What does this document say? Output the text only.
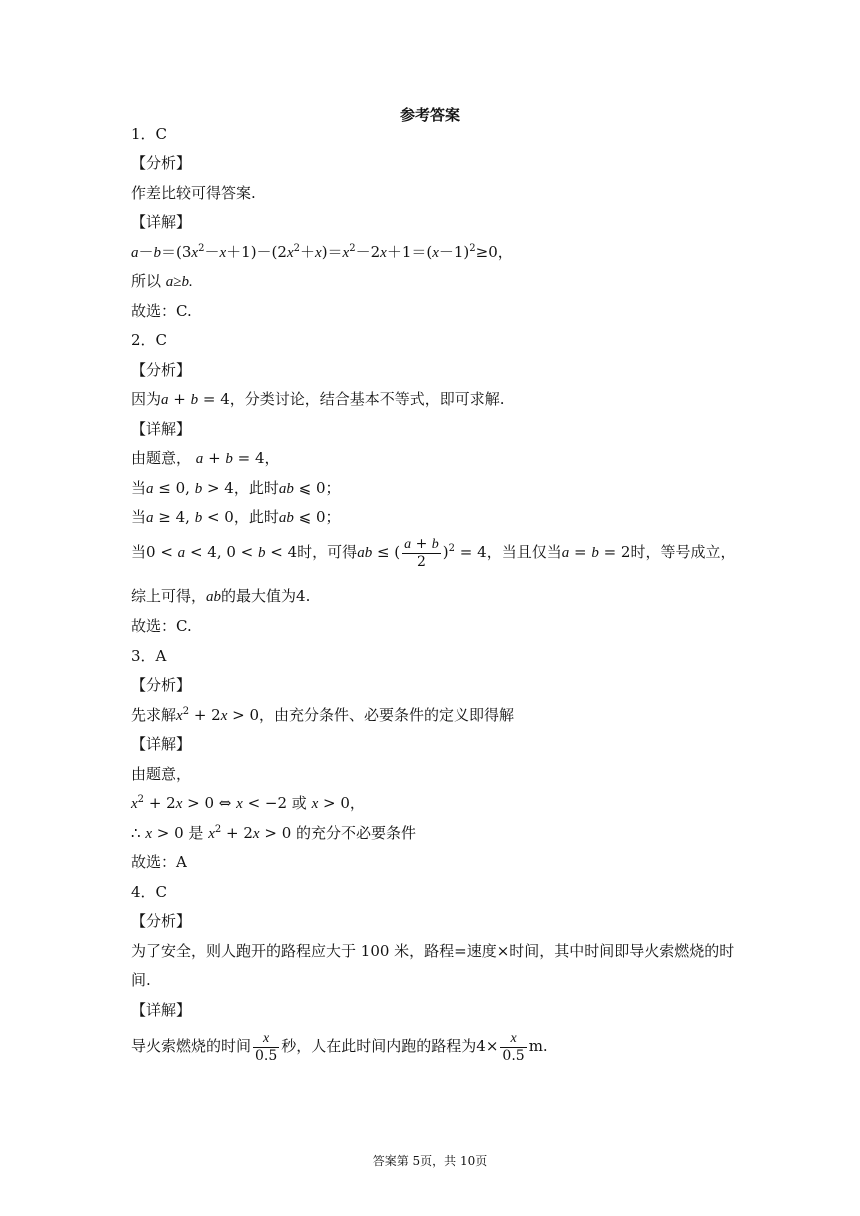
参考答案
1．C
【分析】
作差比较可得答案.
【详解】
$a-b=(3x^2-x+1)-(2x^2+x)=x^2-2x+1=(x-1)^2\ge 0$，
所以 a≥b.
故选：C.
2．C
【分析】
因为a + b = 4，分类讨论，结合基本不等式，即可求解.
【详解】
由题意， a + b = 4，
当a ≤ 0, b > 4，此时ab ⩽ 0；
当a ≥ 4, b < 0，此时ab ⩽ 0；
当0 < a < 4, 0 < b < 4时，可得ab ≤ ( $\frac{a + b}{2} )^2 = 4$，当且仅当a = b = 2时，等号成立，
综上可得，ab的最大值为4.
故选：C.
3．A
【分析】
先求解$x^2 + 2x > 0$，由充分条件、必要条件的定义即得解
【详解】
由题意，
$x^2 + 2x > 0$ ⇔ x < −2 或 x > 0，
∴ x > 0 是 $x^2 + 2x > 0$ 的充分不必要条件
故选：A
4．C
【分析】
为了安全，则人跑开的路程应大于 100 米，路程=速度×时间，其中时间即导火索燃烧的时
间.
【详解】
导火索燃烧的时间 $\frac{x}{0.5}$ 秒，人在此时间内跑的路程为$4\times \frac{x}{0.5} m$.
答案第 5页，共 10页
